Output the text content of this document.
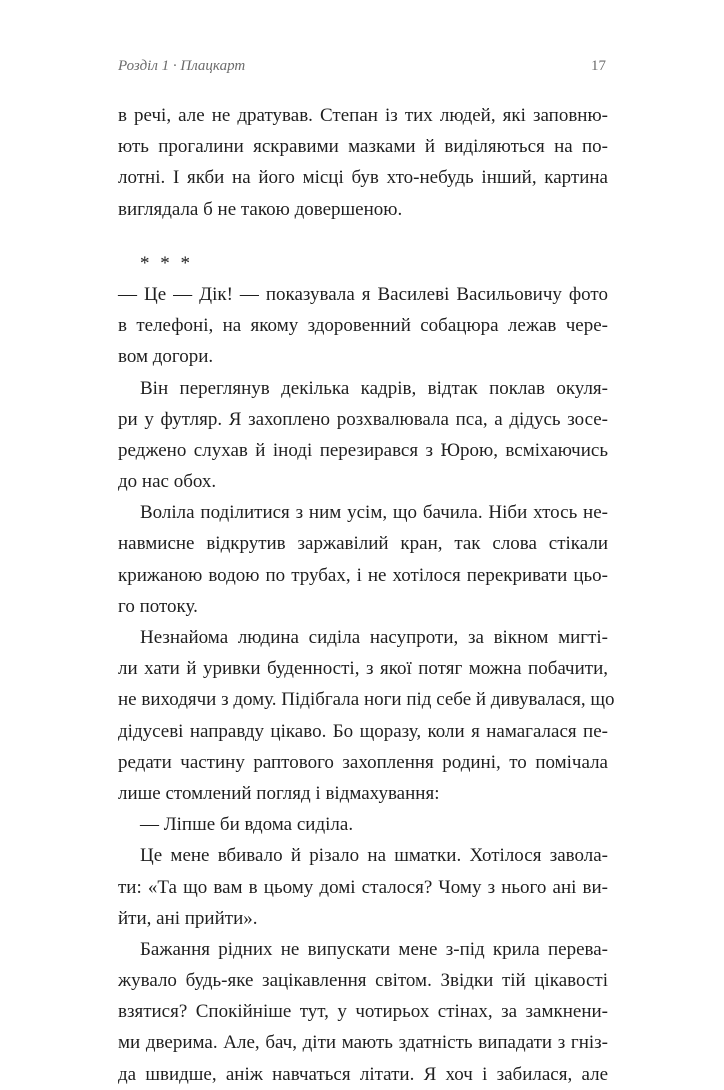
Розділ 1 · Плацкарт	17
в речі, але не дратував. Степан із тих людей, які заповню-
ють прогалини яскравими мазками й виділяються на по-
лотні. І якби на його місці був хто-небудь інший, картина
виглядала б не такою довершеною.
* * *
— Це — Дік! — показувала я Василеві Васильовичу фото
в телефоні, на якому здоровенний собацюра лежав чере-
вом догори.
Він переглянув декілька кадрів, відтак поклав окуля-
ри у футляр. Я захоплено розхвалювала пса, а дідусь зосе-
реджено слухав й іноді перезирався з Юрою, всміхаючись
до нас обох.
Воліла поділитися з ним усім, що бачила. Ніби хтось не-
навмисне відкрутив заржавілий кран, так слова стікали
крижаною водою по трубах, і не хотілося перекривати цьо-
го потоку.
Незнайома людина сиділа насупроти, за вікном мигті-
ли хати й уривки буденності, з якої потяг можна побачити,
не виходячи з дому. Підібгала ноги під себе й дивувалася, що
дідусеві направду цікаво. Бо щоразу, коли я намагалася пе-
редати частину раптового захоплення родині, то помічала
лише стомлений погляд і відмахування:
— Ліпше би вдома сиділа.
Це мене вбивало й різало на шматки. Хотілося завола-
ти: «Та що вам в цьому домі сталося? Чому з нього ані ви-
йти, ані прийти».
Бажання рідних не випускати мене з-під крила перева-
жувало будь-яке зацікавлення світом. Звідки тій цікавості
взятися? Спокійніше тут, у чотирьох стінах, за замкнени-
ми дверима. Але, бач, діти мають здатність випадати з гніз-
да швидше, аніж навчаться літати. Я хоч і забилася, але
